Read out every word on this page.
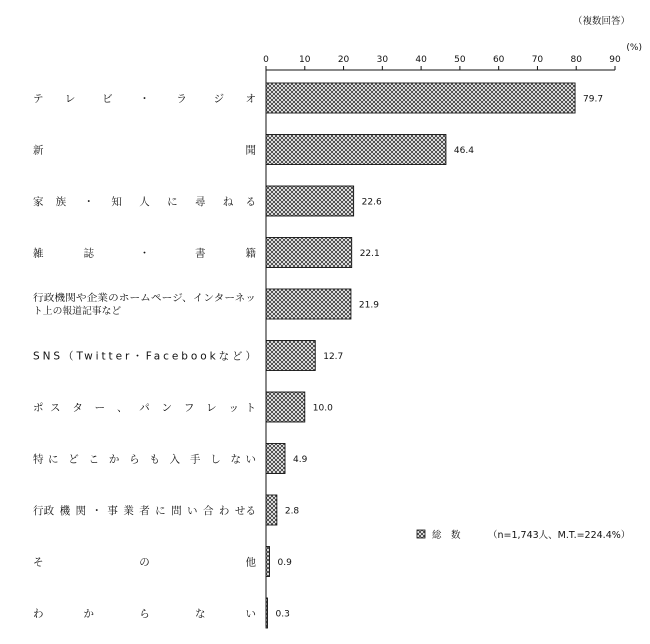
（複数回答）
(%)
0	10	20	30	40	50	60	70	80	90
テ レ	ビ	・	ラ	ジ オ
新	聞
家 族 ・ 知 人 に 尋 ね る
雑	誌	・	書	籍
行政機関や企業のホームページ、インターネッ
ト上の報道記事など
SNS（Twitter・Facebookなど）
ポ ス タ ー 、 パ ン フ レ ッ ト
特 に ど こ か ら も 入 手 し な い
行 政 機 関 ・ 事 業 者 に 問 い 合 わ せ る
そ	の	他
わ	か	ら	な	い
79.7
46.4
22.6
22.1
21.9
12.7
10.0
4.9
2.8
0.9
0.3
総　数	（n=1,743人、M.T.=224.4%）
